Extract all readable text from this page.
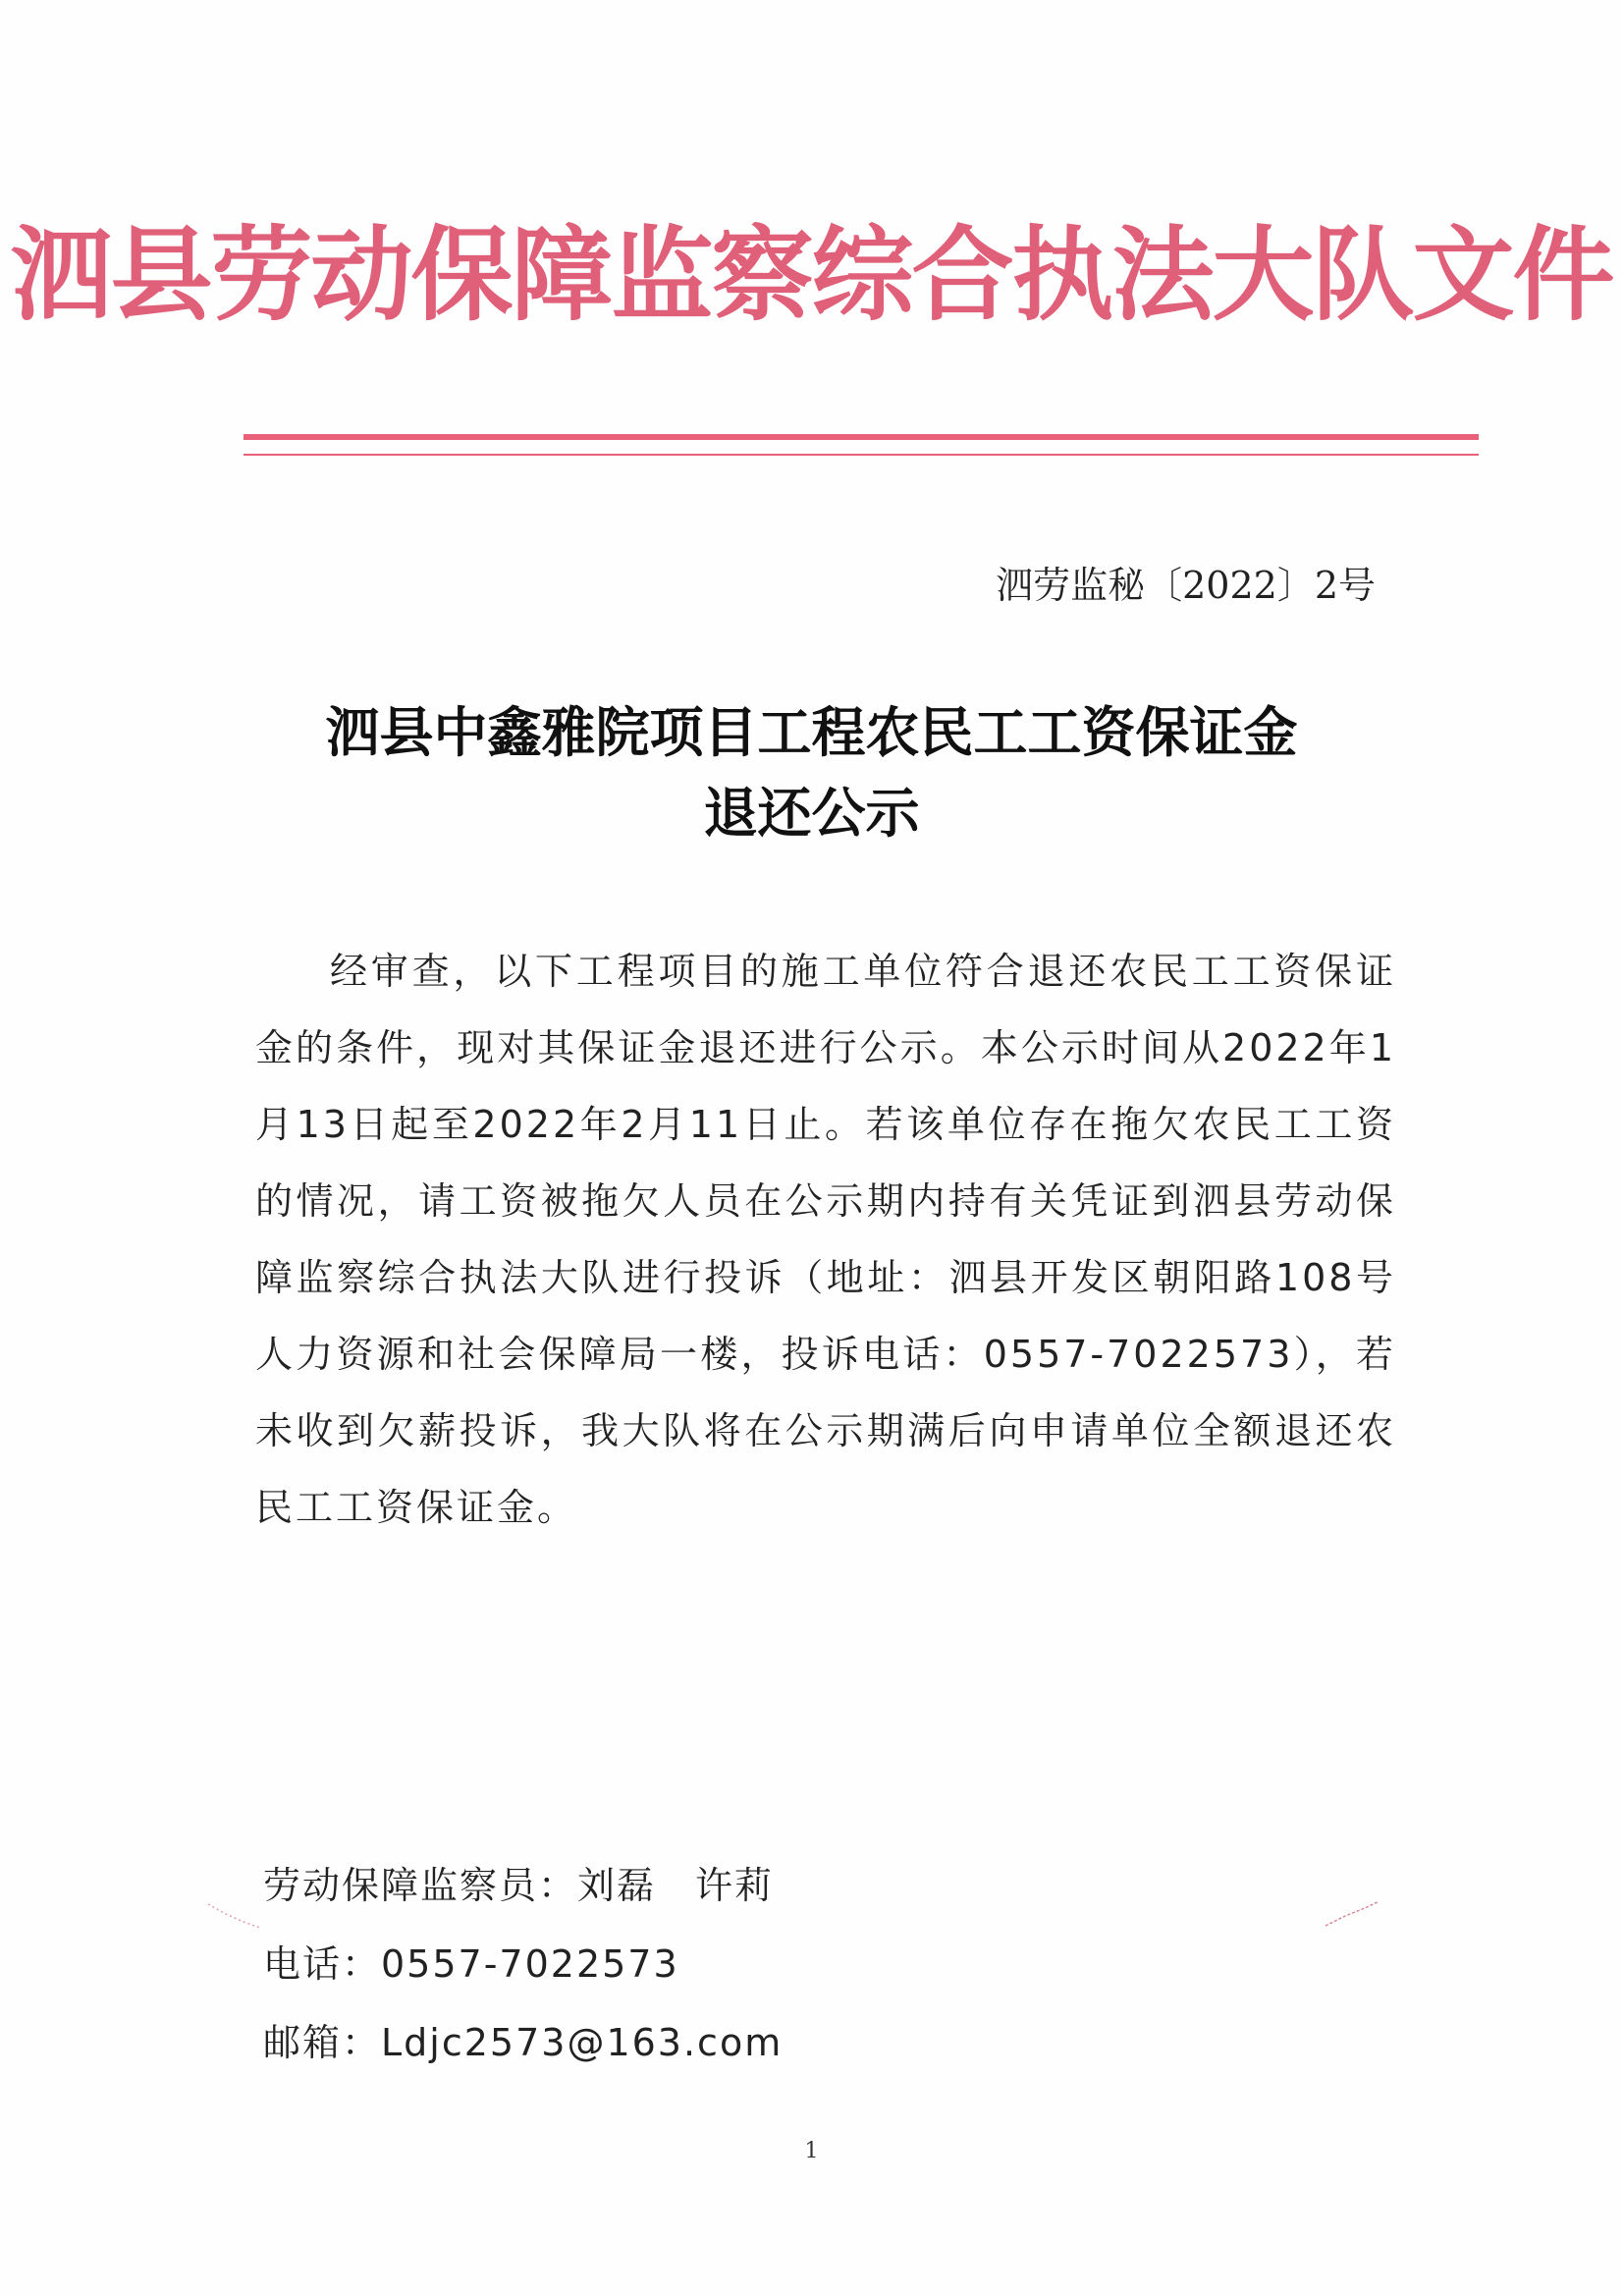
泗县劳动保障监察综合执法大队文件
泗劳监秘〔2022〕2号
泗县中鑫雅院项目工程农民工工资保证金
退还公示
经审查，以下工程项目的施工单位符合退还农民工工资保证金的条件，现对其保证金退还进行公示。本公示时间从2022年1月13日起至2022年2月11日止。若该单位存在拖欠农民工工资的情况，请工资被拖欠人员在公示期内持有关凭证到泗县劳动保障监察综合执法大队进行投诉（地址：泗县开发区朝阳路108号人力资源和社会保障局一楼，投诉电话：0557-7022573），若未收到欠薪投诉，我大队将在公示期满后向申请单位全额退还农民工工资保证金。
劳动保障监察员：刘磊　许莉
电话：0557-7022573
邮箱：Ldjc2573@163.com
1
